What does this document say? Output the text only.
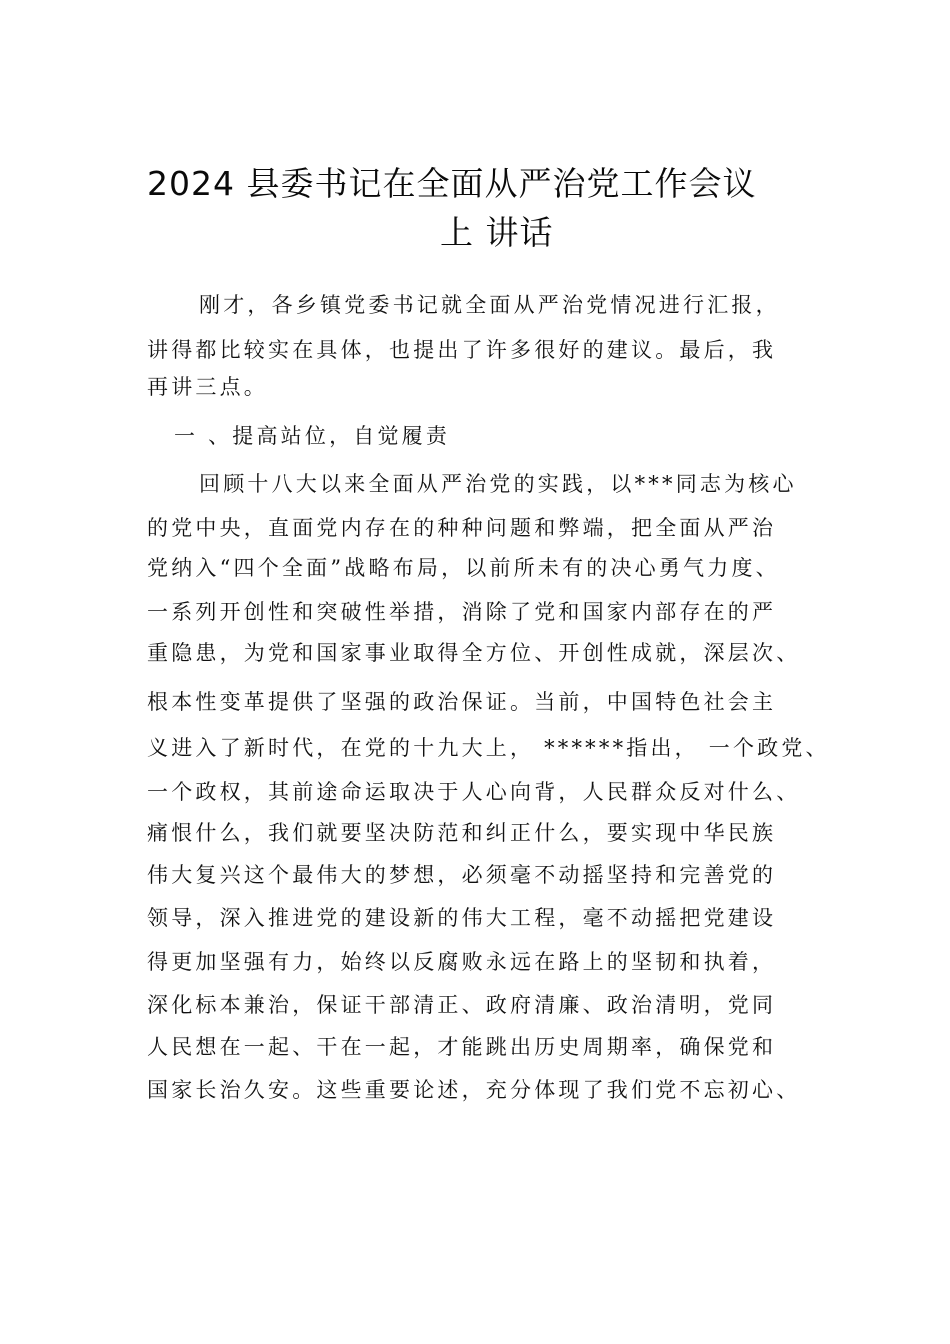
2024 县委书记在全面从严治党工作会议
上 讲话
刚才，各乡镇党委书记就全面从严治党情况进行汇报，
讲得都比较实在具体，也提出了许多很好的建议。最后，我
再讲三点。
一 、提高站位，自觉履责
回顾十八大以来全面从严治党的实践，以***同志为核心
的党中央，直面党内存在的种种问题和弊端，把全面从严治
党纳入“四个全面”战略布局，以前所未有的决心勇气力度、
一系列开创性和突破性举措，消除了党和国家内部存在的严
重隐患，为党和国家事业取得全方位、开创性成就，深层次、
根本性变革提供了坚强的政治保证。当前，中国特色社会主
义进入了新时代，在党的十九大上， ******指出， 一个政党、
一个政权，其前途命运取决于人心向背，人民群众反对什么、
痛恨什么，我们就要坚决防范和纠正什么，要实现中华民族
伟大复兴这个最伟大的梦想，必须毫不动摇坚持和完善党的
领导，深入推进党的建设新的伟大工程，毫不动摇把党建设
得更加坚强有力，始终以反腐败永远在路上的坚韧和执着，
深化标本兼治，保证干部清正、政府清廉、政治清明，党同
人民想在一起、干在一起，才能跳出历史周期率，确保党和
国家长治久安。这些重要论述，充分体现了我们党不忘初心、
